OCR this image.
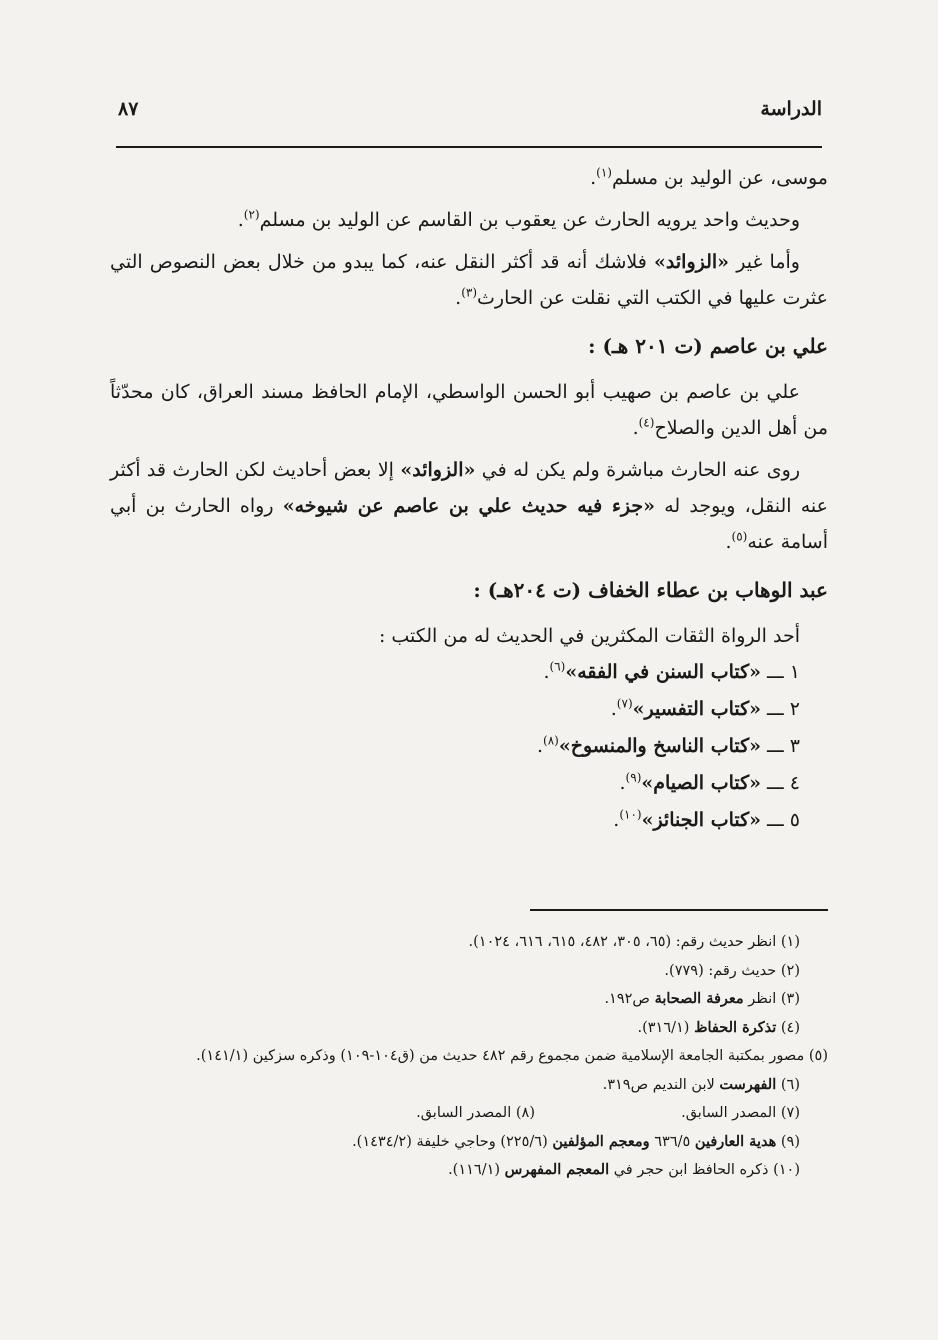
الدراسة
٨٧

موسى، عن الوليد بن مسلم$^{(١)}$.

وحديث واحد يرويه الحارث عن يعقوب بن القاسم عن الوليد بن مسلم$^{(٢)}$.

وأما غير «الزوائد» فلاشك أنه قد أكثر النقل عنه، كما يبدو من خلال بعض النصوص التي عثرت عليها في الكتب التي نقلت عن الحارث$^{(٣)}$.

علي بن عاصم (ت ٢٠١ هـ) :

علي بن عاصم بن صهيب أبو الحسن الواسطي، الإمام الحافظ مسند العراق، كان محدّثاً من أهل الدين والصلاح$^{(٤)}$.

روى عنه الحارث مباشرة ولم يكن له في «الزوائد» إلا بعض أحاديث لكن الحارث قد أكثر عنه النقل، ويوجد له «جزء فيه حديث علي بن عاصم عن شيوخه» رواه الحارث بن أبي أسامة عنه$^{(٥)}$.

عبد الوهاب بن عطاء الخفاف (ت ٢٠٤هـ) :

أحد الرواة الثقات المكثرين في الحديث له من الكتب :

١ ـــ«كتاب السنن في الفقه»$^{(٦)}$.
٢ ـــ«كتاب التفسير»$^{(٧)}$.
٣ ـــ«كتاب الناسخ والمنسوخ»$^{(٨)}$.
٤ ـــ«كتاب الصيام»$^{(٩)}$.
٥ ـــ«كتاب الجنائز»$^{(١٠)}$.

(١) انظر حديث رقم: (٦٥، ٣٠٥، ٤٨٢، ٦١٥، ٦١٦، ١٠٢٤).

(٢) حديث رقم: (٧٧٩).

(٣) انظر معرفة الصحابة ص١٩٢.

(٤) تذكرة الحفاظ (٣١٦/١).

(٥) مصور بمكتبة الجامعة الإسلامية ضمن مجموع رقم ٤٨٢ حديث من (ق١٠٤-١٠٩) وذكره سزكين (١٤١/١).

(٦) الفهرست لابن النديم ص٣١٩.

(٧) المصدر السابق.
(٨) المصدر السابق.

(٩) هدية العارفين ٦٣٦/٥ ومعجم المؤلفين (٢٢٥/٦) وحاجي خليفة (١٤٣٤/٢).

(١٠) ذكره الحافظ ابن حجر في المعجم المفهرس (١١٦/١).
